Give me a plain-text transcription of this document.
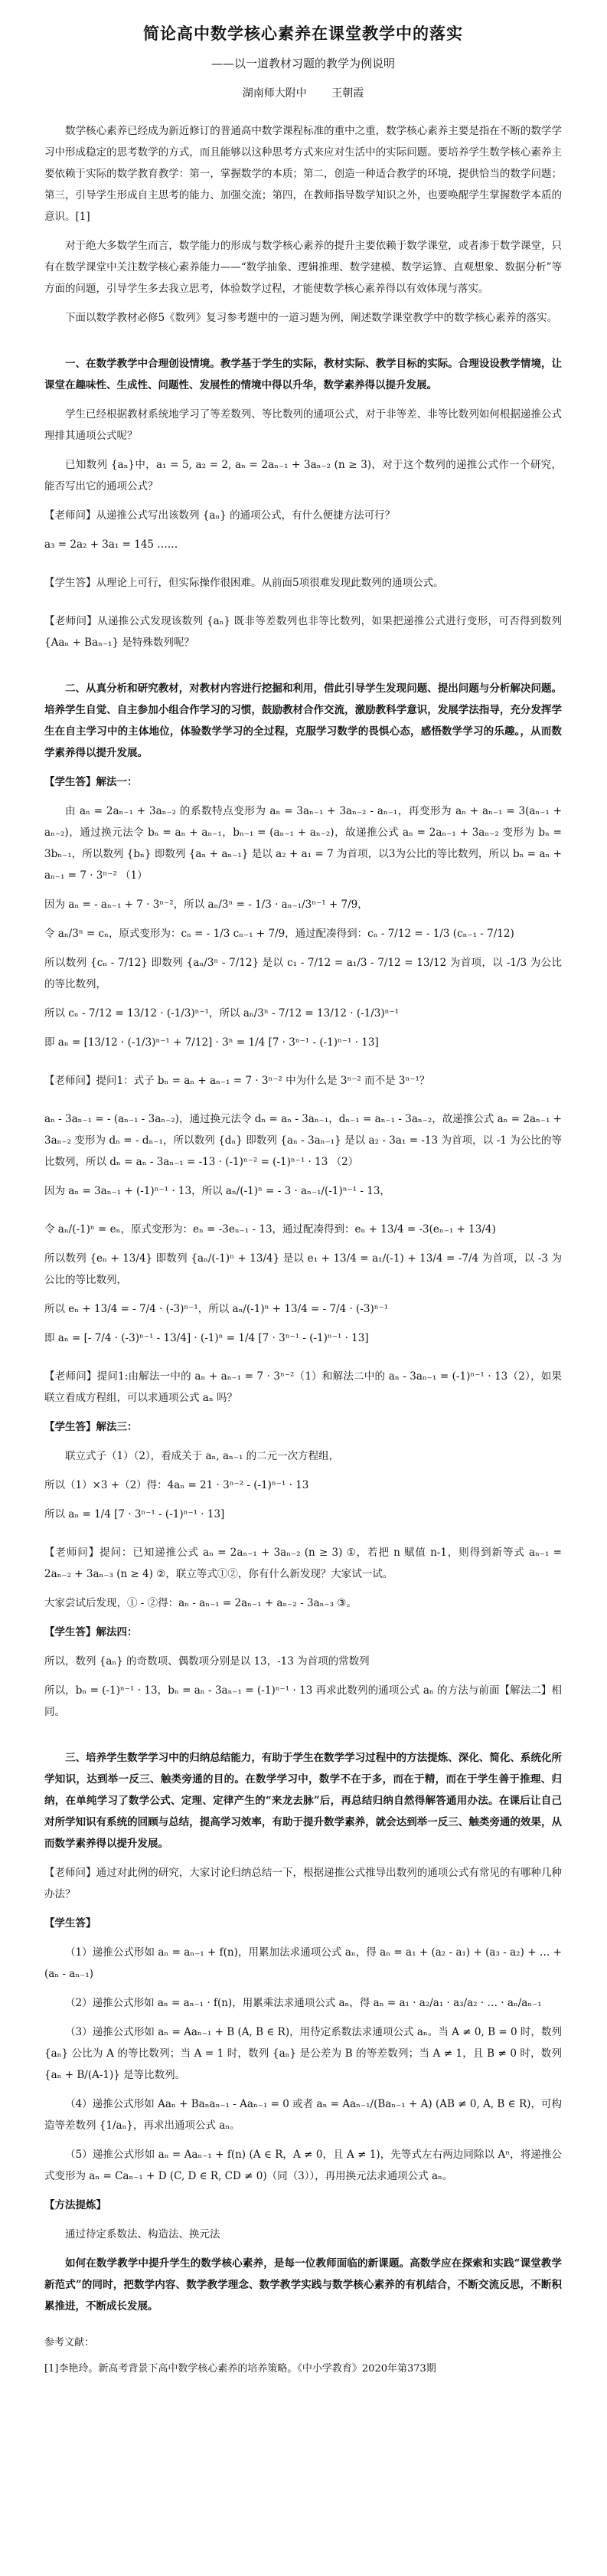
简论高中数学核心素养在课堂教学中的落实
——以一道教材习题的教学为例说明
湖南师大附中 王朝霞

数学核心素养已经成为新近修订的普通高中数学课程标准的重中之重，数学核心素养主要是指在不断的数学学习中形成稳定的思考数学的方式，而且能够以这种思考方式来应对生活中的实际问题。要培养学生数学核心素养主要依赖于实际的数学教育教学：第一，掌握数学的本质；第二，创造一种适合教学的环境，提供恰当的数学问题；第三，引导学生形成自主思考的能力、加强交流；第四，在教师指导数学知识之外，也要唤醒学生掌握数学本质的意识。[1]

对于绝大多数学生而言，数学能力的形成与数学核心素养的提升主要依赖于数学课堂，或者渗于数学课堂，只有在数学课堂中关注数学核心素养能力——“数学抽象、逻辑推理、数学建模、数学运算、直观想象、数据分析”等方面的问题，引导学生多去我立思考，体验数学过程，才能使数学核心素养得以有效体现与落实。

下面以数学教材必修5《数列》复习参考题中的一道习题为例，阐述数学课堂教学中的数学核心素养的落实。

一、在数学教学中合理创设情境。教学基于学生的实际，教材实际、教学目标的实际。合理设设教学情境，让课堂在趣味性、生成性、问题性、发展性的情境中得以升华，数学素养得以提升发展。

学生已经根据教材系统地学习了等差数列、等比数列的通项公式，对于非等差、非等比数列如何根据递推公式理排其通项公式呢？

已知数列 {aₙ}中，a₁ = 5, a₂ = 2, aₙ = 2aₙ₋₁ + 3aₙ₋₂ (n ≥ 3)，对于这个数列的递推公式作一个研究，能否写出它的通项公式？

【老师问】从递推公式写出该数列 {aₙ} 的通项公式，有什么便捷方法可行？

a₃ = 2a₂ + 3a₁ = 145 ……

【学生答】从理论上可行，但实际操作很困难。从前面5项很难发现此数列的通项公式。

【老师问】从递推公式发现该数列 {aₙ} 既非等差数列也非等比数列，如果把递推公式进行变形，可否得到数列 {Aaₙ + Baₙ₋₁} 是特殊数列呢？

二、从真分析和研究教材，对教材内容进行挖掘和利用，借此引导学生发现问题、提出问题与分析解决问题。培养学生自觉、自主参加小组合作学习的习惯，鼓励教材合作交流，激励教科学意识，发展学法指导，充分发挥学生在自主学习中的主体地位，体验数学学习的全过程，克服学习数学的畏惧心态，感悟数学学习的乐趣。，从而数学素养得以提升发展。

【学生答】解法一：

由 aₙ = 2aₙ₋₁ + 3aₙ₋₂ 的系数特点变形为 aₙ = 3aₙ₋₁ + 3aₙ₋₂ - aₙ₋₁，再变形为 aₙ + aₙ₋₁ = 3(aₙ₋₁ + aₙ₋₂)，通过换元法令 bₙ = aₙ + aₙ₋₁，bₙ₋₁ = (aₙ₋₁ + aₙ₋₂)，故递推公式 aₙ = 2aₙ₋₁ + 3aₙ₋₂ 变形为 bₙ = 3bₙ₋₁，所以数列 {bₙ} 即数列 {aₙ + aₙ₋₁} 是以 a₂ + a₁ = 7 为首项，以3为公比的等比数列，所以 bₙ = aₙ + aₙ₋₁ = 7 · 3ⁿ⁻² （1）

因为 aₙ = - aₙ₋₁ + 7 · 3ⁿ⁻²，所以 aₙ/3ⁿ = - 1/3 · aₙ₋₁/3ⁿ⁻¹ + 7/9，

令 aₙ/3ⁿ = cₙ，原式变形为：cₙ = - 1/3 cₙ₋₁ + 7/9，通过配凑得到：cₙ - 7/12 = - 1/3 (cₙ₋₁ - 7/12)

所以数列 {cₙ - 7/12} 即数列 {aₙ/3ⁿ - 7/12} 是以 c₁ - 7/12 = a₁/3 - 7/12 = 13/12 为首项，以 -1/3 为公比的等比数列，

所以 cₙ - 7/12 = 13/12 · (-1/3)ⁿ⁻¹，所以 aₙ/3ⁿ - 7/12 = 13/12 · (-1/3)ⁿ⁻¹

即 aₙ = [13/12 · (-1/3)ⁿ⁻¹ + 7/12] · 3ⁿ = 1/4 [7 · 3ⁿ⁻¹ - (-1)ⁿ⁻¹ · 13]

【老师问】提问1：式子 bₙ = aₙ + aₙ₋₁ = 7 · 3ⁿ⁻² 中为什么是 3ⁿ⁻² 而不是 3ⁿ⁻¹？

aₙ - 3aₙ₋₁ = - (aₙ₋₁ - 3aₙ₋₂)，通过换元法令 dₙ = aₙ - 3aₙ₋₁，dₙ₋₁ = aₙ₋₁ - 3aₙ₋₂，故递推公式 aₙ = 2aₙ₋₁ + 3aₙ₋₂ 变形为 dₙ = - dₙ₋₁，所以数列 {dₙ} 即数列 {aₙ - 3aₙ₋₁} 是以 a₂ - 3a₁ = -13 为首项，以 -1 为公比的等比数列，所以 dₙ = aₙ - 3aₙ₋₁ = -13 · (-1)ⁿ⁻² = (-1)ⁿ⁻¹ · 13 （2）

因为 aₙ = 3aₙ₋₁ + (-1)ⁿ⁻¹ · 13，所以 aₙ/(-1)ⁿ = - 3 · aₙ₋₁/(-1)ⁿ⁻¹ - 13，

令 aₙ/(-1)ⁿ = eₙ，原式变形为：eₙ = -3eₙ₋₁ - 13，通过配凑得到：eₙ + 13/4 = -3(eₙ₋₁ + 13/4)

所以数列 {eₙ + 13/4} 即数列 {aₙ/(-1)ⁿ + 13/4} 是以 e₁ + 13/4 = a₁/(-1) + 13/4 = -7/4 为首项，以 -3 为公比的等比数列，

所以 eₙ + 13/4 = - 7/4 · (-3)ⁿ⁻¹，所以 aₙ/(-1)ⁿ + 13/4 = - 7/4 · (-3)ⁿ⁻¹

即 aₙ = [- 7/4 · (-3)ⁿ⁻¹ - 13/4] · (-1)ⁿ = 1/4 [7 · 3ⁿ⁻¹ - (-1)ⁿ⁻¹ · 13]

【老师问】提问1:由解法一中的 aₙ + aₙ₋₁ = 7 · 3ⁿ⁻²（1）和解法二中的 aₙ - 3aₙ₋₁ = (-1)ⁿ⁻¹ · 13（2），如果联立看成方程组，可以求通项公式 aₙ 吗？

【学生答】解法三：

联立式子（1）（2），看成关于 aₙ, aₙ₋₁ 的二元一次方程组，

所以（1）×3 +（2）得：4aₙ = 21 · 3ⁿ⁻² - (-1)ⁿ⁻¹ · 13

所以 aₙ = 1/4 [7 · 3ⁿ⁻¹ - (-1)ⁿ⁻¹ · 13]

【老师问】提问：已知递推公式 aₙ = 2aₙ₋₁ + 3aₙ₋₂ (n ≥ 3) ①，若把 n 赋值 n-1，则得到新等式 aₙ₋₁ = 2aₙ₋₂ + 3aₙ₋₃ (n ≥ 4) ②，联立等式①②，你有什么新发现？大家试一试。

大家尝试后发现，① - ②得：aₙ - aₙ₋₁ = 2aₙ₋₁ + aₙ₋₂ - 3aₙ₋₃ ③。

【学生答】解法四：

所以，数列 {aₙ} 的奇数项、偶数项分别是以 13，-13 为首项的常数列

所以，bₙ = (-1)ⁿ⁻¹ · 13，bₙ = aₙ - 3aₙ₋₁ = (-1)ⁿ⁻¹ · 13 再求此数列的通项公式 aₙ 的方法与前面【解法二】相同。

三、培养学生数学学习中的归纳总结能力，有助于学生在数学学习过程中的方法提炼、深化、简化、系统化所学知识，达到举一反三、触类旁通的目的。在数学学习中，数学不在于多，而在于精，而在于学生善于推理、归纳，在单纯学习了数学公式、定理、定律产生的“来龙去脉”后，再总结归纳自然得解答通用办法。在课后让自己对所学知识有系统的回顾与总结，提高学习效率，有助于提升数学素养，就会达到举一反三、触类旁通的效果，从而数学素养得以提升发展。

【老师问】通过对此例的研究，大家讨论归纳总结一下，根据递推公式推导出数列的通项公式有常见的有哪种几种办法？

【学生答】

（1）递推公式形如 aₙ = aₙ₋₁ + f(n)，用累加法求通项公式 aₙ，得 aₙ = a₁ + (a₂ - a₁) + (a₃ - a₂) + … + (aₙ - aₙ₋₁)

（2）递推公式形如 aₙ = aₙ₋₁ · f(n)，用累乘法求通项公式 aₙ，得 aₙ = a₁ · a₂/a₁ · a₃/a₂ · … · aₙ/aₙ₋₁

（3）递推公式形如 aₙ = Aaₙ₋₁ + B (A, B ∈ R)，用待定系数法求通项公式 aₙ。当 A ≠ 0, B = 0 时，数列 {aₙ} 公比为 A 的等比数列；当 A = 1 时，数列 {aₙ} 是公差为 B 的等差数列；当 A ≠ 1，且 B ≠ 0 时，数列 {aₙ + B/(A-1)} 是等比数列。

（4）递推公式形如 Aaₙ + Baₙaₙ₋₁ - Aaₙ₋₁ = 0 或者 aₙ = Aaₙ₋₁/(Baₙ₋₁ + A) (AB ≠ 0, A, B ∈ R)，可构造等差数列 {1/aₙ}，再求出通项公式 aₙ。

（5）递推公式形如 aₙ = Aaₙ₋₁ + f(n) (A ∈ R，A ≠ 0，且 A ≠ 1)，先等式左右两边同除以 Aⁿ，将递推公式变形为 aₙ = Caₙ₋₁ + D (C, D ∈ R, CD ≠ 0)（同（3）），再用换元法求通项公式 aₙ。

【方法提炼】

通过待定系数法、构造法、换元法

如何在数学教学中提升学生的数学核心素养，是每一位教师面临的新课题。高数学应在探索和实践“课堂教学新范式”的同时，把数学内容、数学教学理念、数学教学实践与数学核心素养的有机结合，不断交流反思，不断积累推进，不断成长发展。

参考文献：

[1]李艳玲。新高考背景下高中数学核心素养的培养策略。《中小学教育》2020年第373期
